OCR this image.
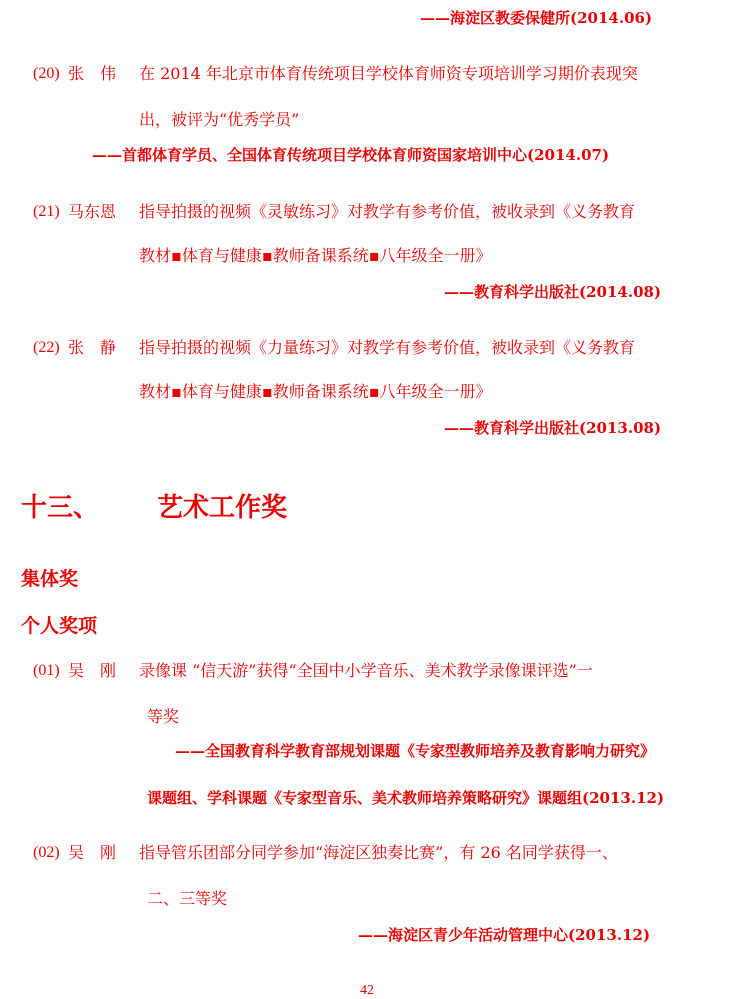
——海淀区教委保健所(2014.06)
(20) 张　伟 在 2014 年北京市体育传统项目学校体育师资专项培训学习期价表现突
出，被评为“优秀学员”
——首都体育学员、全国体育传统项目学校体育师资国家培训中心(2014.07)
(21) 马东恩 指导拍摄的视频《灵敏练习》对教学有参考价值，被收录到《义务教育
教材▪体育与健康▪教师备课系统▪八年级全一册》
——教育科学出版社(2014.08)
(22) 张　静 指导拍摄的视频《力量练习》对教学有参考价值，被收录到《义务教育
教材▪体育与健康▪教师备课系统▪八年级全一册》
——教育科学出版社(2013.08)
十三、 艺术工作奖
集体奖
个人奖项
(01) 吴　刚 录像课 “信天游”获得“全国中小学音乐、美术教学录像课评选”一
等奖
——全国教育科学教育部规划课题《专家型教师培养及教育影响力研究》
课题组、学科课题《专家型音乐、美术教师培养策略研究》课题组(2013.12)
(02) 吴　刚 指导管乐团部分同学参加“海淀区独奏比赛”，有 26 名同学获得一、
二、三等奖
——海淀区青少年活动管理中心(2013.12)
42
